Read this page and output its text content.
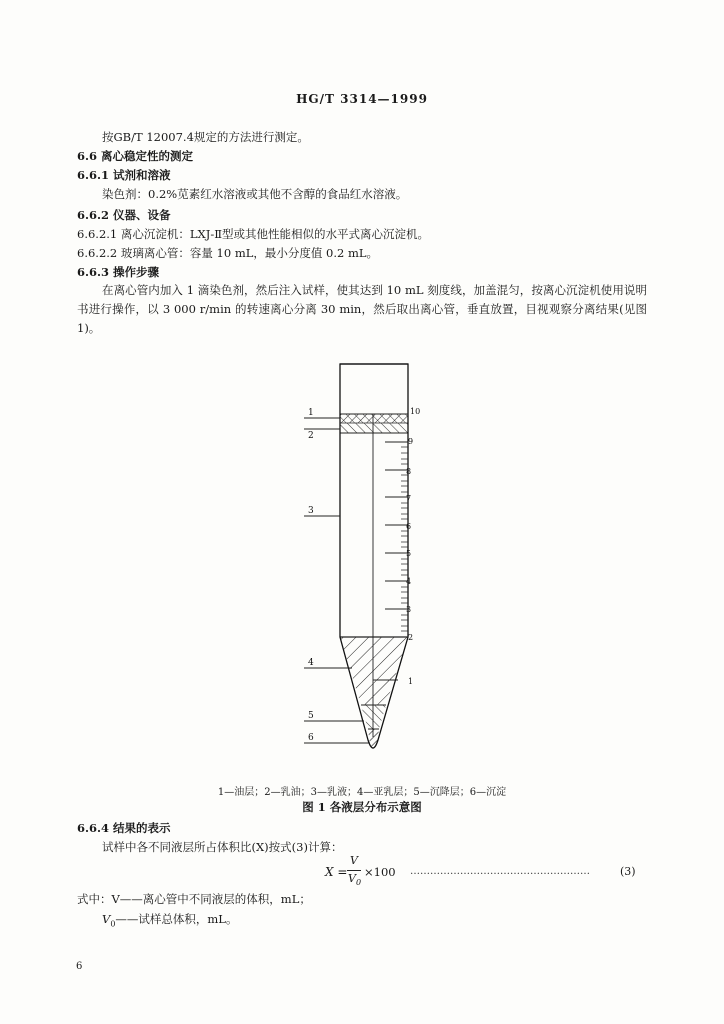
HG/T 3314—1999
按GB/T 12007.4规定的方法进行测定。
6.6 离心稳定性的测定
6.6.1 试剂和溶液
染色剂：0.2%苋素红水溶液或其他不含醇的食品红水溶液。
6.6.2 仪器、设备
6.6.2.1 离心沉淀机：LXJ-Ⅱ型或其他性能相似的水平式离心沉淀机。
6.6.2.2 玻璃离心管：容量 10 mL，最小分度值 0.2 mL。
6.6.3 操作步骤
在离心管内加入 1 滴染色剂，然后注入试样，使其达到 10 mL 刻度线，加盖混匀，按离心沉淀机使用说明书进行操作，以 3 000 r/min 的转速离心分离 30 min，然后取出离心管，垂直放置，目视观察分离结果(见图 1)。
1
2
3
4
5
6
10
9
8
7
6
5
4
3
2
1
1—油层；2—乳油；3—乳液；4—亚乳层；5—沉降层；6—沉淀
图 1 各液层分布示意图
6.6.4 结果的表示
试样中各不同液层所占体积比(X)按式(3)计算：
X =
V
$V_0$
×100 ………………………………………………	(3)
式中：V——离心管中不同液层的体积，mL；
$V_0——$试样总体积，mL。
6
